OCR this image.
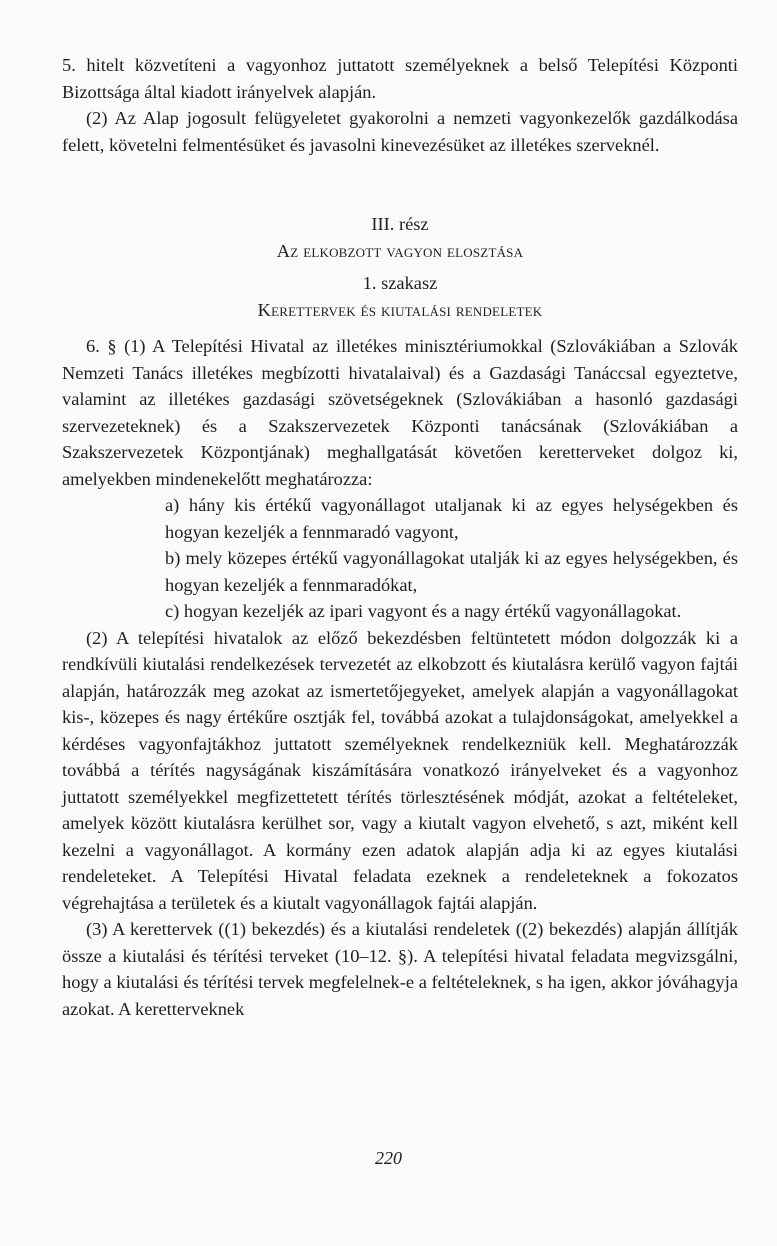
5. hitelt közvetíteni a vagyonhoz juttatott személyeknek a belső Telepítési Központi Bizottsága által kiadott irányelvek alapján.

(2) Az Alap jogosult felügyeletet gyakorolni a nemzeti vagyonkezelők gazdálkodása felett, követelni felmentésüket és javasolni kinevezésüket az illetékes szerveknél.

III. rész

Az elkobzott vagyon elosztása

1. szakasz

Kerettervek és kiutalási rendeletek

6. § (1) A Telepítési Hivatal az illetékes minisztériumokkal (Szlovákiában a Szlovák Nemzeti Tanács illetékes megbízotti hivatalaival) és a Gazdasági Tanáccsal egyeztetve, valamint az illetékes gazdasági szövetségeknek (Szlovákiában a hasonló gazdasági szervezeteknek) és a Szakszervezetek Központi tanácsának (Szlovákiában a Szakszervezetek Központjának) meghallgatását követően kerettervеket dolgoz ki, amelyekben mindenekelőtt meghatározza:

a) hány kis értékű vagyonállagot utaljanak ki az egyes helységekben és hogyan kezeljék a fennmaradó vagyont,

b) mely közepes értékű vagyonállagokat utalják ki az egyes helységekben, és hogyan kezeljék a fennmaradókat,

c) hogyan kezeljék az ipari vagyont és a nagy értékű vagyonállagokat.

(2) A telepítési hivatalok az előző bekezdésben feltüntetett módon dolgozzák ki a rendkívüli kiutalási rendelkezések tervezetét az elkobzott és kiutalásra kerülő vagyon fajtái alapján, határozzák meg azokat az ismertetőjegyeket, amelyek alapján a vagyonállagokat kis-, közepes és nagy értékűre osztják fel, továbbá azokat a tulajdonságokat, amelyekkel a kérdéses vagyonfajtákhoz juttatott személyeknek rendelkezniük kell. Meghatározzák továbbá a térítés nagyságának kiszámítására vonatkozó irányelveket és a vagyonhoz juttatott személyekkel megfizettetett térítés törlesztésének módját, azokat a feltételeket, amelyek között kiutalásra kerülhet sor, vagy a kiutalt vagyon elvehető, s azt, miként kell kezelni a vagyonállagot. A kormány ezen adatok alapján adja ki az egyes kiutalási rendeleteket. A Telepítési Hivatal feladata ezeknek a rendeleteknek a fokozatos végrehajtása a területek és a kiutalt vagyonállagok fajtái alapján.

(3) A kerettervek ((1) bekezdés) és a kiutalási rendeletek ((2) bekezdés) alapján állítják össze a kiutalási és térítési terveket (10–12. §). A telepítési hivatal feladata megvizsgálni, hogy a kiutalási és térítési tervek megfelelnek-e a feltételeknek, s ha igen, akkor jóváhagyja azokat. A kerettervеknek

220
